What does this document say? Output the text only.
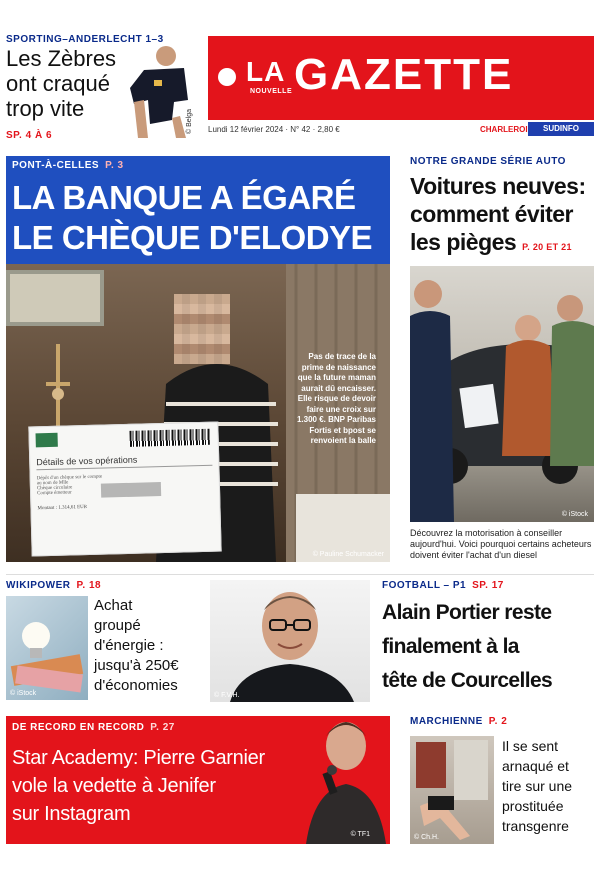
SPORTING–ANDERLECHT 1–3
Les Zèbres
ont craqué
trop vite
SP. 4 À 6
© Belga
LA
NOUVELLE GAZETTE
Lundi 12 février 2024 · N° 42 · 2,80 €	CHARLEROI	SUDINFO
PONT-À-CELLES P. 3
LA BANQUE A ÉGARÉ
LE CHÈQUE D'ELODYE
Détails de vos opérations
Dépôt d'un chèque sur le compte
au nom de Mlle
Chèque circulaire
Compte émetteur
Montant : 1.314,61 EUR
Pas de trace de la prime de naissance que la future maman aurait dû encaisser. Elle risque de devoir faire une croix sur 1.300 €. BNP Paribas Fortis et bpost se renvoient la balle
© Pauline Schumacker
NOTRE GRANDE SÉRIE AUTO
Voitures neuves:
comment éviter
les pièges P. 20 ET 21
© iStock
Découvrez la motorisation à conseiller aujourd'hui. Voici pourquoi certains acheteurs doivent éviter l'achat d'un diesel
WIKIPOWER P. 18
© iStock
Achat
groupé
d'énergie :
jusqu'à 250€
d'économies
© F.V.H.
FOOTBALL – P1 SP. 17
Alain Portier reste
finalement à la
tête de Courcelles
DE RECORD EN RECORD P. 27
Star Academy: Pierre Garnier
vole la vedette à Jenifer
sur Instagram
© TF1
MARCHIENNE P. 2
© Ch.H.
Il se sent
arnaqué et
tire sur une
prostituée
transgenre
